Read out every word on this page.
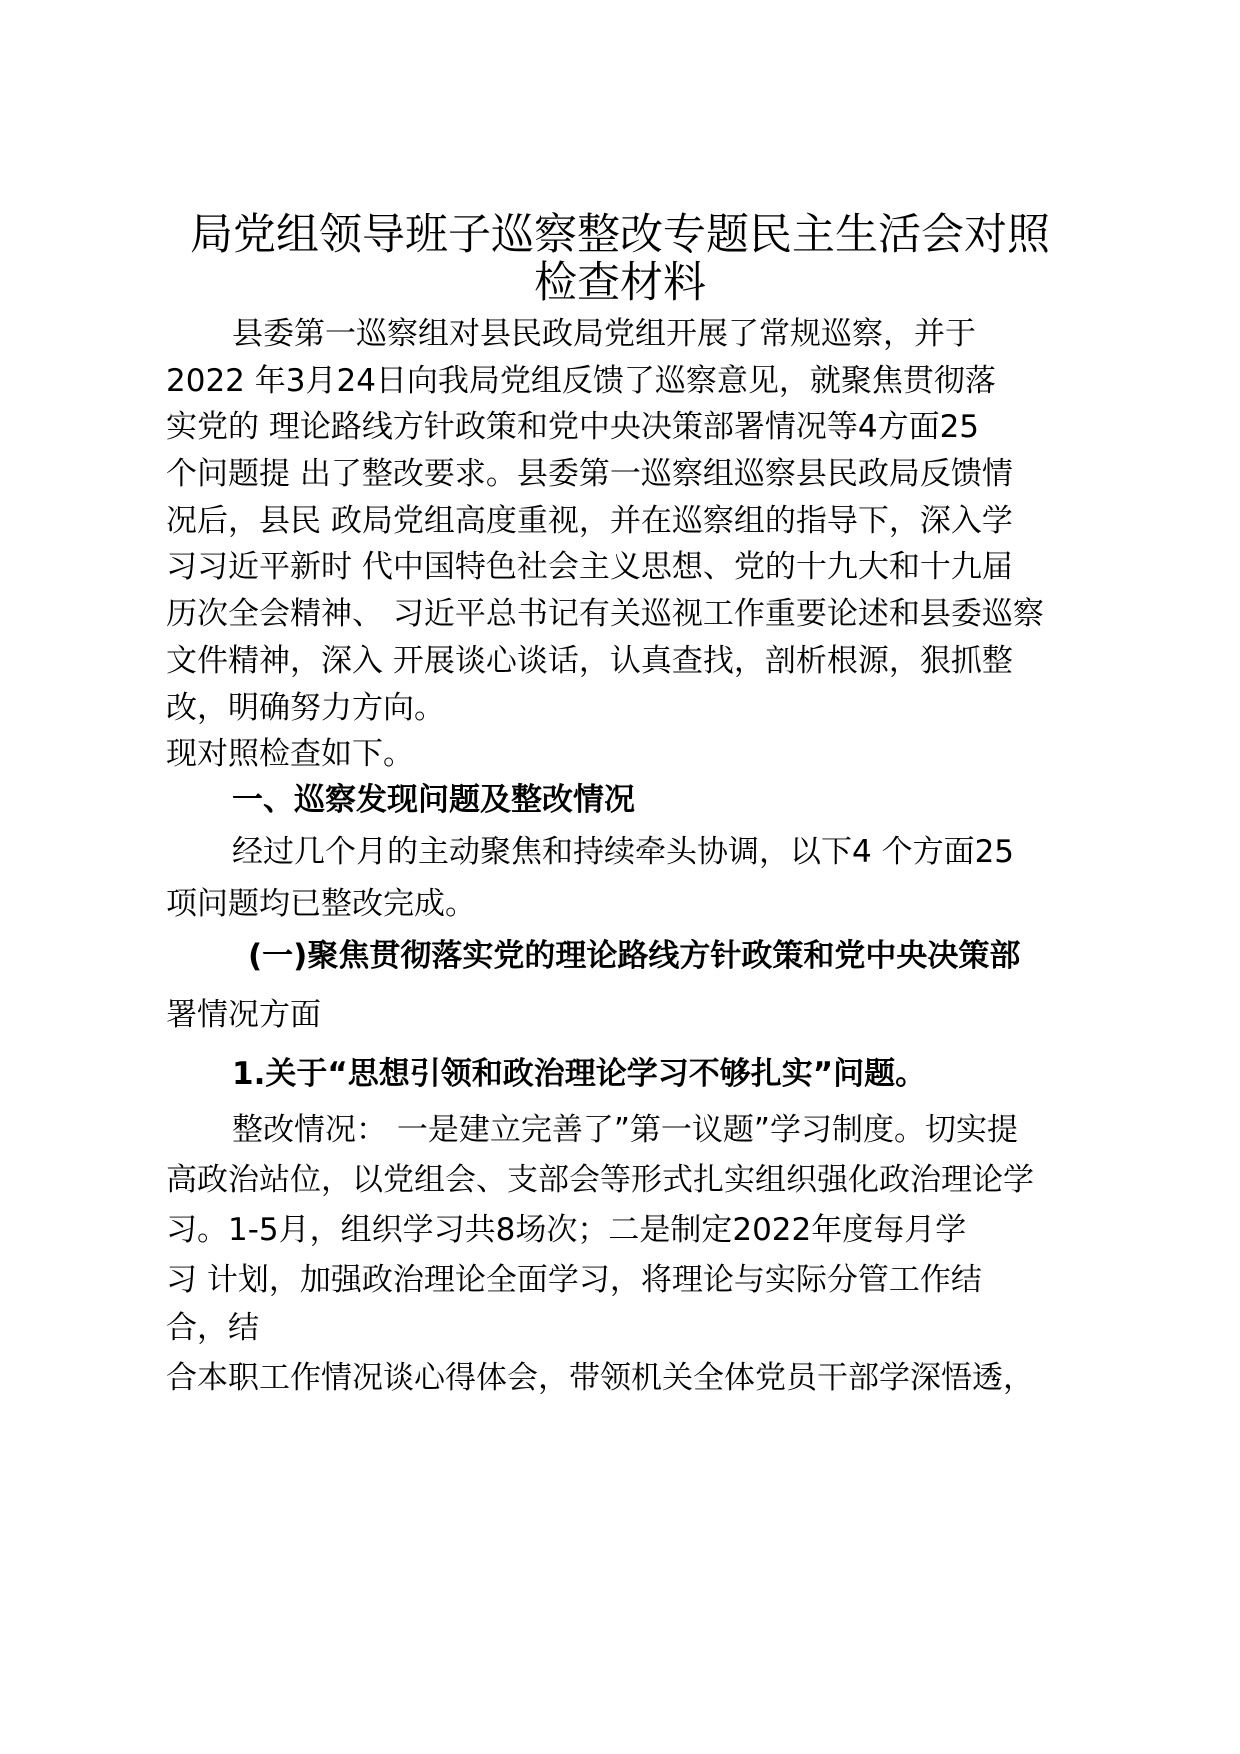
局党组领导班子巡察整改专题民主生活会对照
检查材料
县委第一巡察组对县民政局党组开展了常规巡察，并于
2022 年3月24日向我局党组反馈了巡察意见，就聚焦贯彻落
实党的 理论路线方针政策和党中央决策部署情况等4方面25
个问题提 出了整改要求。县委第一巡察组巡察县民政局反馈情
况后，县民 政局党组高度重视，并在巡察组的指导下，深入学
习习近平新时 代中国特色社会主义思想、党的十九大和十九届
历次全会精神、 习近平总书记有关巡视工作重要论述和县委巡察
文件精神，深入 开展谈心谈话，认真查找，剖析根源，狠抓整
改，明确努力方向。
现对照检查如下。
一、巡察发现问题及整改情况
经过几个月的主动聚焦和持续牵头协调，以下4 个方面25
项问题均已整改完成。
(一)聚焦贯彻落实党的理论路线方针政策和党中央决策部
署情况方面
1.关于“思想引领和政治理论学习不够扎实”问题。
整改情况： 一是建立完善了”第一议题”学习制度。切实提
高政治站位，以党组会、支部会等形式扎实组织强化政治理论学
习。1-5月，组织学习共8场次；二是制定2022年度每月学
习 计划，加强政治理论全面学习，将理论与实际分管工作结
合，结
合本职工作情况谈心得体会，带领机关全体党员干部学深悟透，
